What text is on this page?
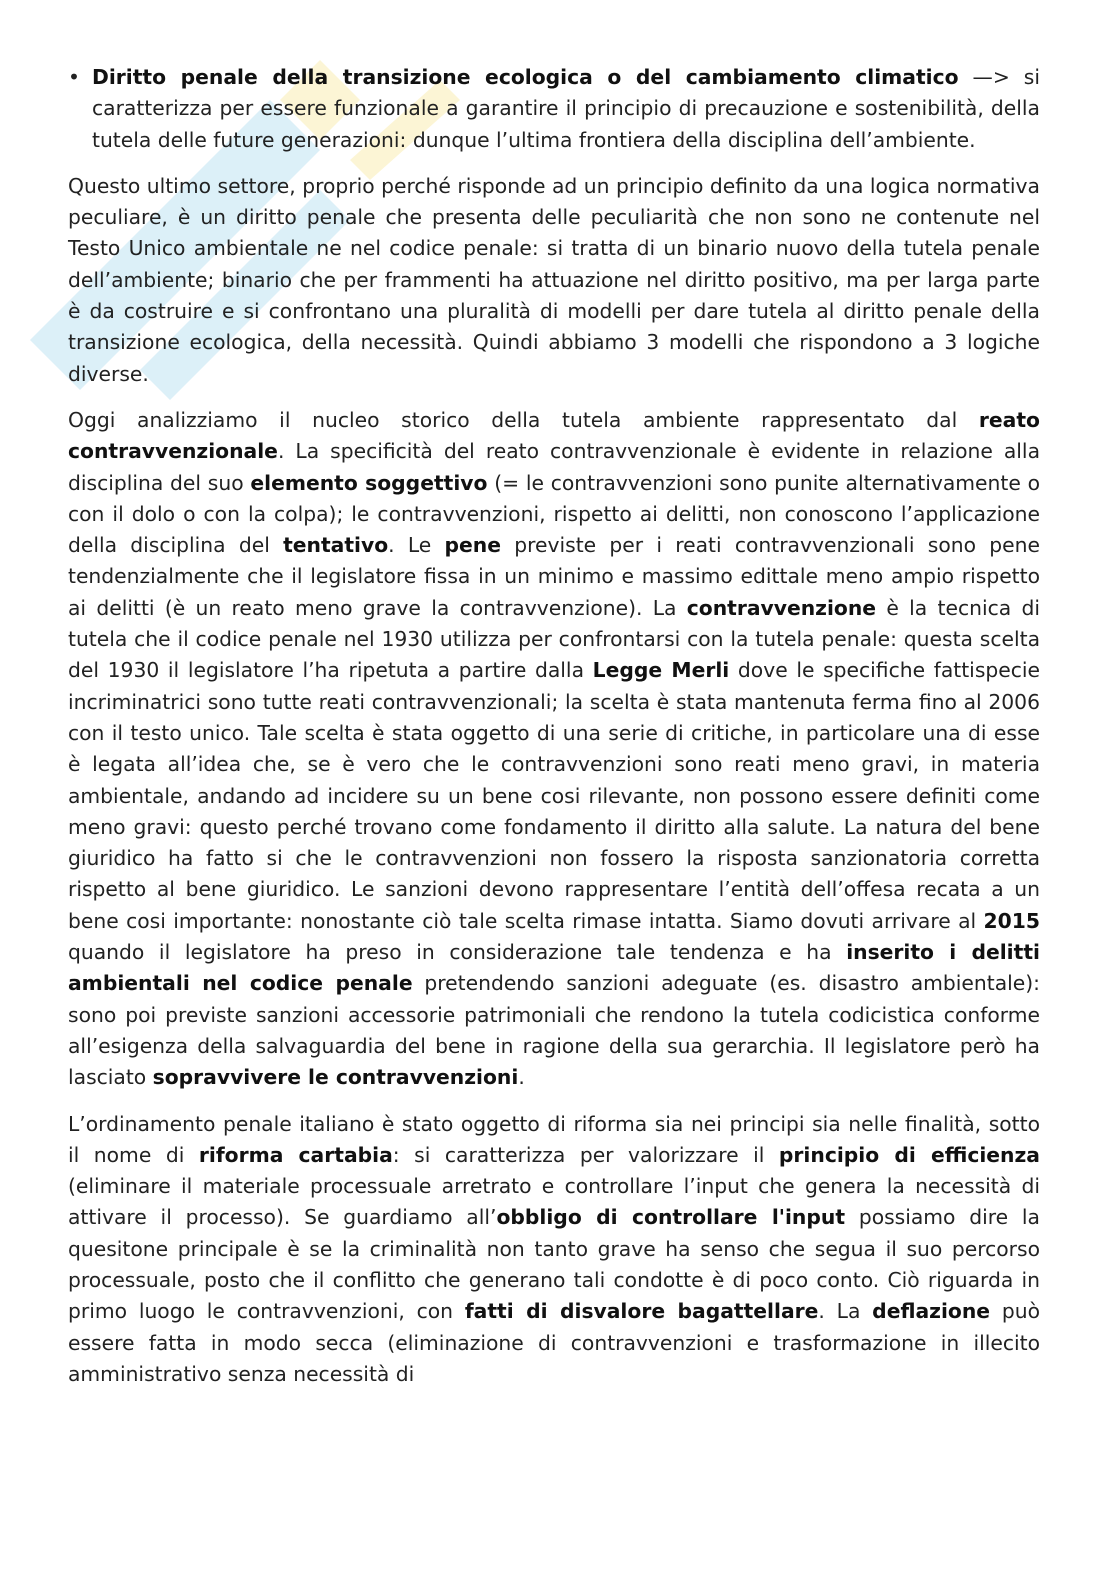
• Diritto penale della transizione ecologica o del cambiamento climatico —> si caratterizza per essere funzionale a garantire il principio di precauzione e sostenibilità, della tutela delle future generazioni: dunque l’ultima frontiera della disciplina dell’ambiente.

Questo ultimo settore, proprio perché risponde ad un principio definito da una logica normativa peculiare, è un diritto penale che presenta delle peculiarità che non sono ne contenute nel Testo Unico ambientale ne nel codice penale: si tratta di un binario nuovo della tutela penale dell’ambiente; binario che per frammenti ha attuazione nel diritto positivo, ma per larga parte è da costruire e si confrontano una pluralità di modelli per dare tutela al diritto penale della transizione ecologica, della necessità. Quindi abbiamo 3 modelli che rispondono a 3 logiche diverse.

Oggi analizziamo il nucleo storico della tutela ambiente rappresentato dal reato contravvenzionale. La specificità del reato contravvenzionale è evidente in relazione alla disciplina del suo elemento soggettivo (= le contravvenzioni sono punite alternativamente o con il dolo o con la colpa); le contravvenzioni, rispetto ai delitti, non conoscono l’applicazione della disciplina del tentativo. Le pene previste per i reati contravvenzionali sono pene tendenzialmente che il legislatore fissa in un minimo e massimo edittale meno ampio rispetto ai delitti (è un reato meno grave la contravvenzione). La contravvenzione è la tecnica di tutela che il codice penale nel 1930 utilizza per confrontarsi con la tutela penale: questa scelta del 1930 il legislatore l’ha ripetuta a partire dalla Legge Merli dove le specifiche fattispecie incriminatrici sono tutte reati contravvenzionali; la scelta è stata mantenuta ferma fino al 2006 con il testo unico. Tale scelta è stata oggetto di una serie di critiche, in particolare una di esse è legata all’idea che, se è vero che le contravvenzioni sono reati meno gravi, in materia ambientale, andando ad incidere su un bene cosi rilevante, non possono essere definiti come meno gravi: questo perché trovano come fondamento il diritto alla salute. La natura del bene giuridico ha fatto si che le contravvenzioni non fossero la risposta sanzionatoria corretta rispetto al bene giuridico. Le sanzioni devono rappresentare l’entità dell’offesa recata a un bene cosi importante: nonostante ciò tale scelta rimase intatta. Siamo dovuti arrivare al 2015 quando il legislatore ha preso in considerazione tale tendenza e ha inserito i delitti ambientali nel codice penale pretendendo sanzioni adeguate (es. disastro ambientale): sono poi previste sanzioni accessorie patrimoniali che rendono la tutela codicistica conforme all’esigenza della salvaguardia del bene in ragione della sua gerarchia. Il legislatore però ha lasciato sopravvivere le contravvenzioni.

L’ordinamento penale italiano è stato oggetto di riforma sia nei principi sia nelle finalità, sotto il nome di riforma cartabia: si caratterizza per valorizzare il principio di efficienza (eliminare il materiale processuale arretrato e controllare l’input che genera la necessità di attivare il processo). Se guardiamo all’obbligo di controllare l'input possiamo dire la quesitone principale è se la criminalità non tanto grave ha senso che segua il suo percorso processuale, posto che il conflitto che generano tali condotte è di poco conto. Ciò riguarda in primo luogo le contravvenzioni, con fatti di disvalore bagattellare. La deflazione può essere fatta in modo secca (eliminazione di contravvenzioni e trasformazione in illecito amministrativo senza necessità di
